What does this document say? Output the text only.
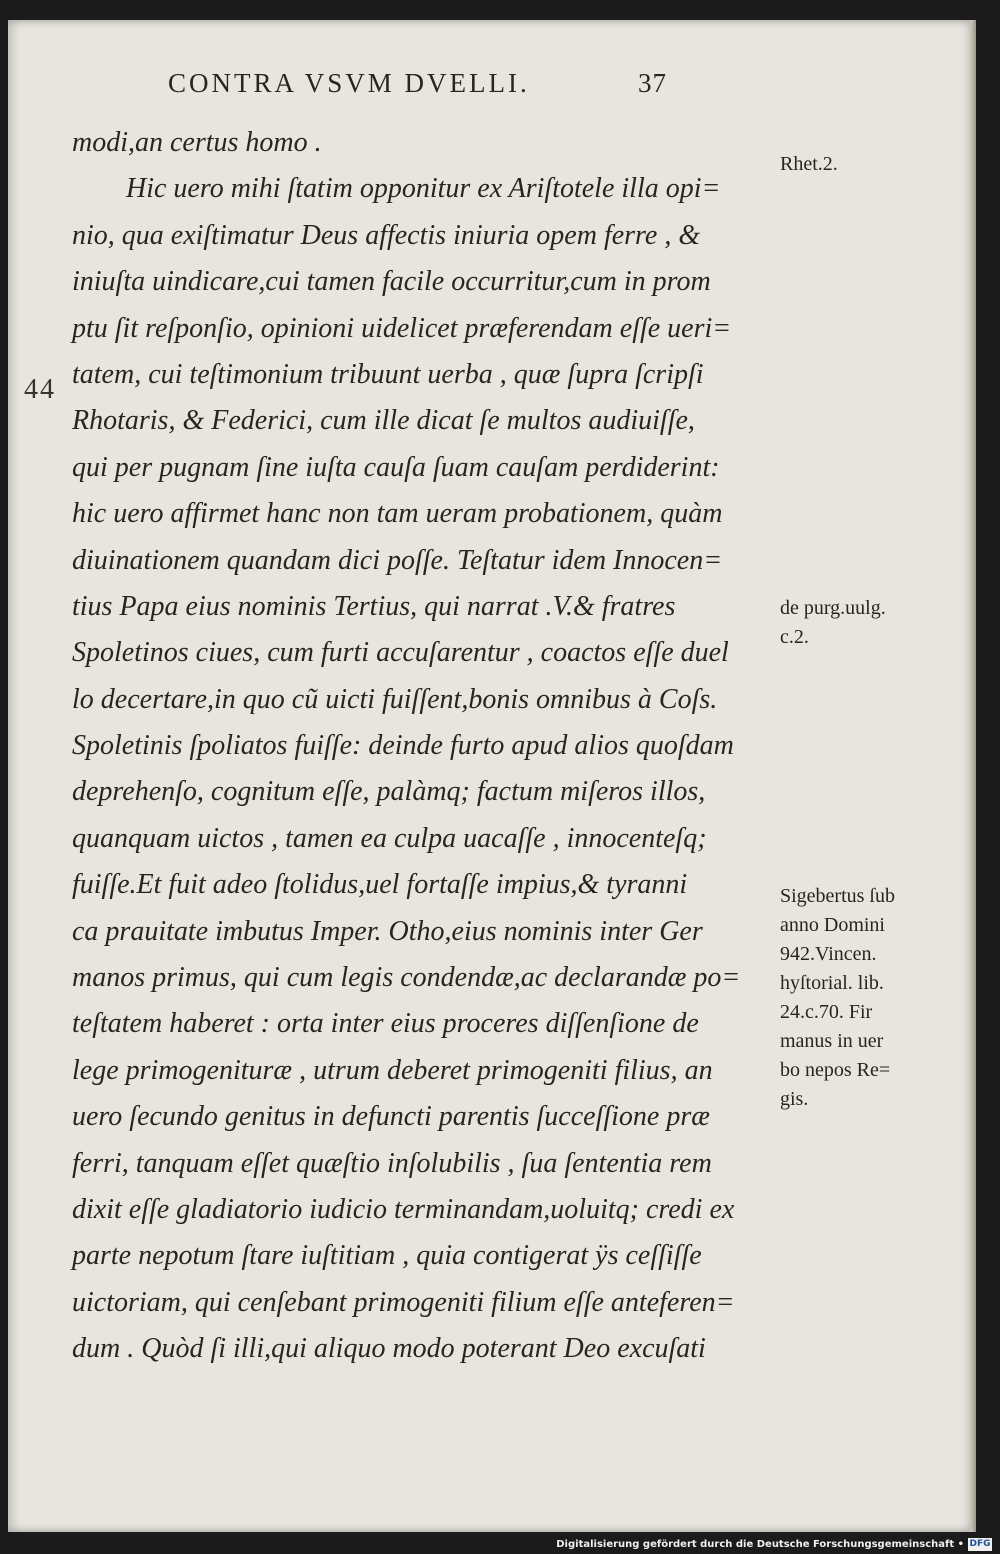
CONTRA VSVM DVELLI.	37
44
modi,an certus homo .
Hic uero mihi ſtatim opponitur ex Ariſtotele illa opi=
nio, qua exiſtimatur Deus affectis iniuria opem ferre , &
iniuſta uindicare,cui tamen facile occurritur,cum in prom
ptu ſit reſponſio, opinioni uidelicet præferendam eſſe ueri=
tatem, cui teſtimonium tribuunt uerba , quæ ſupra ſcripſi
Rhotaris, & Federici, cum ille dicat ſe multos audiuiſſe,
qui per pugnam ſine iuſta cauſa ſuam cauſam perdiderint:
hic uero affirmet hanc non tam ueram probationem, quàm
diuinationem quandam dici poſſe. Teſtatur idem Innocen=
tius Papa eius nominis Tertius, qui narrat .V.& fratres
Spoletinos ciues, cum furti accuſarentur , coactos eſſe duel
lo decertare,in quo cũ uicti fuiſſent,bonis omnibus à Coſs.
Spoletinis ſpoliatos fuiſſe: deinde furto apud alios quoſdam
deprehenſo, cognitum eſſe, palàmq; factum miſeros illos,
quanquam uictos , tamen ea culpa uacaſſe , innocenteſq;
fuiſſe.Et fuit adeo ſtolidus,uel fortaſſe impius,& tyranni
ca prauitate imbutus Imper. Otho,eius nominis inter Ger
manos primus, qui cum legis condendæ,ac declarandæ po=
teſtatem haberet : orta inter eius proceres diſſenſione de
lege primogenituræ , utrum deberet primogeniti filius, an
uero ſecundo genitus in defuncti parentis ſucceſſione præ
ferri, tanquam eſſet quæſtio inſolubilis , ſua ſententia rem
dixit eſſe gladiatorio iudicio terminandam,uoluitq; credi ex
parte nepotum ſtare iuſtitiam , quia contigerat ÿs ceſſiſſe
uictoriam, qui cenſebant primogeniti filium eſſe anteferen=
dum . Quòd ſi illi,qui aliquo modo poterant Deo excuſati
Rhet.2.
de purg.uulg.
c.2.
Sigebertus ſub
anno Domini
942.Vincen.
hyſtorial. lib.
24.c.70. Fir
manus in uer
bo nepos Re=
gis.
Digitalisierung gefördert durch die Deutsche Forschungsgemeinschaft • DFG
